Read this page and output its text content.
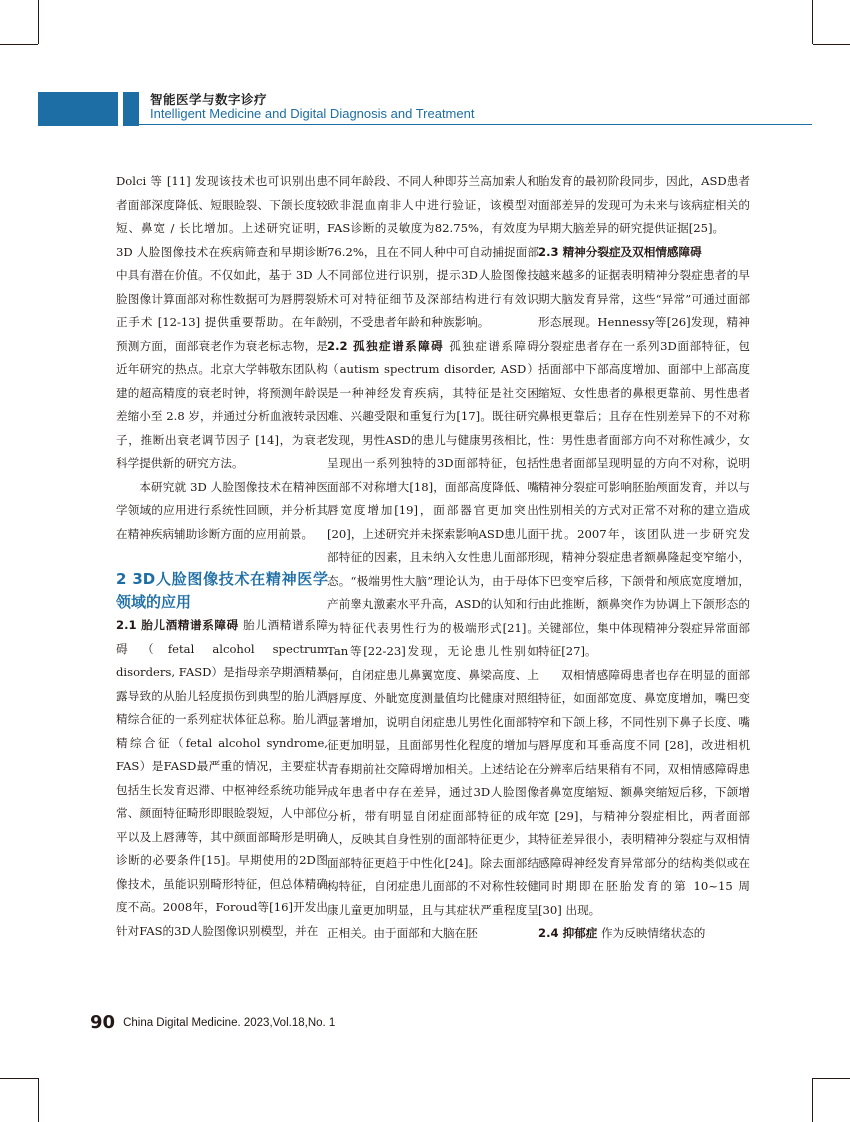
智能医学与数字诊疗
Intelligent Medicine and Digital Diagnosis and Treatment

Dolci 等 [11] 发现该技术也可识别出患者面部深度降低、短眼睑裂、下颌长度较短、鼻宽 / 长比增加。上述研究证明，3D 人脸图像技术在疾病筛查和早期诊断中具有潜在价值。不仅如此，基于 3D 人脸图像计算面部对称性数据可为唇腭裂矫正手术 [12-13] 提供重要帮助。在年龄预测方面，面部衰老作为衰老标志物，是近年研究的热点。北京大学韩敬东团队构建的超高精度的衰老时钟，将预测年龄误差缩小至 2.8 岁，并通过分析血液转录因子，推断出衰老调节因子 [14]，为衰老科学提供新的研究方法。

本研究就 3D 人脸图像技术在精神医学领域的应用进行系统性回顾，并分析其在精神疾病辅助诊断方面的应用前景。

2 3D人脸图像技术在精神医学领域的应用

2.1 胎儿酒精谱系障碍 胎儿酒精谱系障碍（fetal alcohol spectrum disorders, FASD）是指母亲孕期酒精暴露导致的从胎儿轻度损伤到典型的胎儿酒精综合征的一系列症状体征总称。胎儿酒精综合征（fetal alcohol syndrome, FAS）是FASD最严重的情况，主要症状包括生长发育迟滞、中枢神经系统功能异常、颜面特征畸形即眼睑裂短，人中部位平以及上唇薄等，其中颜面部畸形是明确诊断的必要条件[15]。早期使用的2D图像技术，虽能识别畸形特征，但总体精确度不高。2008年，Foroud等[16]开发出针对FAS的3D人脸图像识别模型，并在

不同年龄段、不同人种即芬兰高加索人和欧非混血南非人中进行验证，该模型对FAS诊断的灵敏度为82.75%，有效度为76.2%，且在不同人种中可自动捕捉面部不同部位进行识别，提示3D人脸图像技术可对特征细节及深部结构进行有效识别，不受患者年龄和种族影响。

2.2 孤独症谱系障碍 孤独症谱系障碍（autism spectrum disorder, ASD）是一种神经发育疾病，其特征是社交困难、兴趣受限和重复行为[17]。既往研究发现，男性ASD的患儿与健康男孩相比，呈现出一系列独特的3D面部特征，包括面部不对称增大[18]，面部高度降低、嘴唇宽度增加[19]，面部器官更加突出[20]，上述研究并未探索影响ASD患儿面部特征的因素，且未纳入女性患儿面部形态。“极端男性大脑”理论认为，由于母体产前睾丸激素水平升高，ASD的认知和行为特征代表男性行为的极端形式[21]。Tan等[22-23]发现，无论患儿性别如何，自闭症患儿鼻翼宽度、鼻梁高度、上唇厚度、外眦宽度测量值均比健康对照组显著增加，说明自闭症患儿男性化面部特征更加明显，且面部男性化程度的增加与青春期前社交障碍增加相关。上述结论在成年患者中存在差异，通过3D人脸图像分析，带有明显自闭症面部特征的成年人，反映其自身性别的面部特征更少，其面部特征更趋于中性化[24]。除去面部结构特征，自闭症患儿面部的不对称性较健康儿童更加明显，且与其症状严重程度呈正相关。由于面部和大脑在胚

胎发育的最初阶段同步，因此，ASD患者面部差异的发现可为未来与该病症相关的早期大脑差异的研究提供证据[25]。

2.3 精神分裂症及双相情感障碍

越来越多的证据表明精神分裂症患者的早期大脑发育异常，这些“异常”可通过面部形态展现。Hennessy等[26]发现，精神分裂症患者存在一系列3D面部特征，包括面部中下部高度增加、面部中上部高度缩短、女性患者的鼻根更靠前、男性患者鼻根更靠后；且存在性别差异下的不对称性：男性患者面部方向不对称性减少，女性患者面部呈现明显的方向不对称，说明精神分裂症可影响胚胎颅面发育，并以与性别相关的方式对正常不对称的建立造成干扰。2007年，该团队进一步研究发现，精神分裂症患者额鼻隆起变窄缩小，下巴变窄后移，下颌骨和颅底宽度增加，由此推断，额鼻突作为协调上下颌形态的关键部位，集中体现精神分裂症异常面部特征[27]。

双相情感障碍患者也存在明显的面部特征，如面部宽度、鼻宽度增加，嘴巴变窄和下颌上移，不同性别下鼻子长度、嘴唇厚度和耳垂高度不同 [28]，改进相机分辨率后结果稍有不同，双相情感障碍患者鼻宽度缩短、额鼻突缩短后移，下颌增宽 [29]，与精神分裂症相比，两者面部特征差异很小，表明精神分裂症与双相情感障碍神经发育异常部分的结构类似或在同时期即在胚胎发育的第 10~15 周 [30] 出现。

2.4 抑郁症 作为反映情绪状态的

90 China Digital Medicine. 2023,Vol.18,No. 1
